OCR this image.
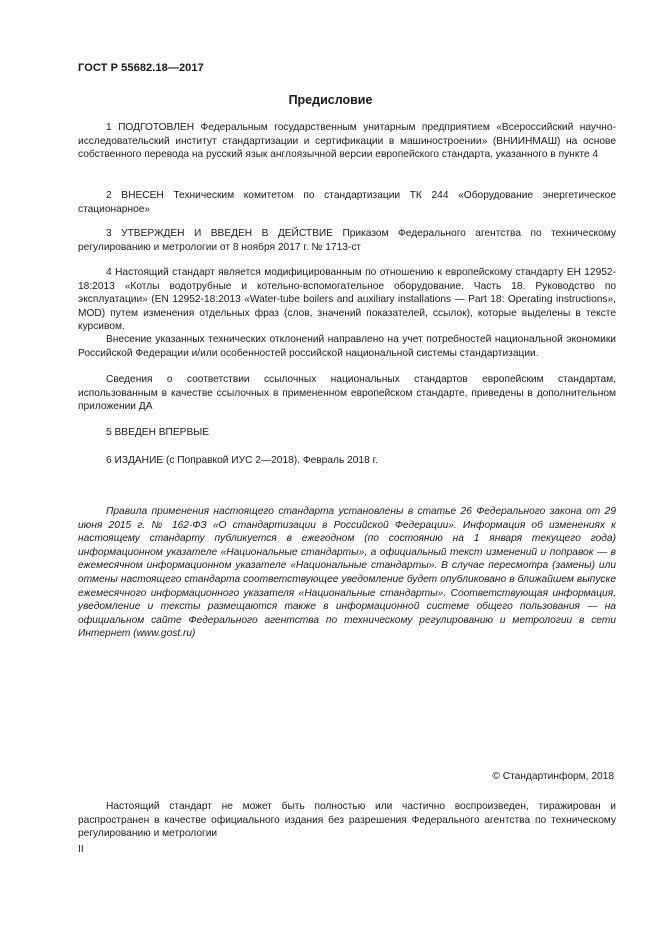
ГОСТ Р 55682.18—2017
Предисловие

1 ПОДГОТОВЛЕН Федеральным государственным унитарным предприятием «Всероссийский научно-исследовательский институт стандартизации и сертификации в машиностроении» (ВНИИНМАШ) на основе собственного перевода на русский язык англоязычной версии европейского стандарта, указанного в пункте 4

2 ВНЕСЕН Техническим комитетом по стандартизации ТК 244 «Оборудование энергетическое стационарное»

3 УТВЕРЖДЕН И ВВЕДЕН В ДЕЙСТВИЕ Приказом Федерального агентства по техническому регулированию и метрологии от 8 ноября 2017 г. № 1713-ст

4 Настоящий стандарт является модифицированным по отношению к европейскому стандарту ЕН 12952-18:2013 «Котлы водотрубные и котельно-вспомогательное оборудование. Часть 18. Руководство по эксплуатации» (EN 12952-18:2013 «Water-tube boilers and auxiliary installations — Part 18: Operating instructions», MOD) путем изменения отдельных фраз (слов, значений показателей, ссылок), которые выделены в тексте курсивом.

Внесение указанных технических отклонений направлено на учет потребностей национальной экономики Российской Федерации и/или особенностей российской национальной системы стандартизации.

Сведения о соответствии ссылочных национальных стандартов европейским стандартам, использованным в качестве ссылочных в примененном европейском стандарте, приведены в дополнительном приложении ДА

5 ВВЕДЕН ВПЕРВЫЕ

6 ИЗДАНИЕ (с Поправкой ИУС 2—2018). Февраль 2018 г.

Правила применения настоящего стандарта установлены в статье 26 Федерального закона от 29 июня 2015 г. № 162-ФЗ «О стандартизации в Российской Федерации». Информация об изменениях к настоящему стандарту публикуется в ежегодном (по состоянию на 1 января текущего года) информационном указателе «Национальные стандарты», а официальный текст изменений и поправок — в ежемесячном информационном указателе «Национальные стандарты». В случае пересмотра (замены) или отмены настоящего стандарта соответствующее уведомление будет опубликовано в ближайшем выпуске ежемесячного информационного указателя «Национальные стандарты». Соответствующая информация, уведомление и тексты размещаются также в информационной системе общего пользования — на официальном сайте Федерального агентства по техническому регулированию и метрологии в сети Интернет (www.gost.ru)

© Стандартинформ, 2018

Настоящий стандарт не может быть полностью или частично воспроизведен, тиражирован и распространен в качестве официального издания без разрешения Федерального агентства по техническому регулированию и метрологии

II
